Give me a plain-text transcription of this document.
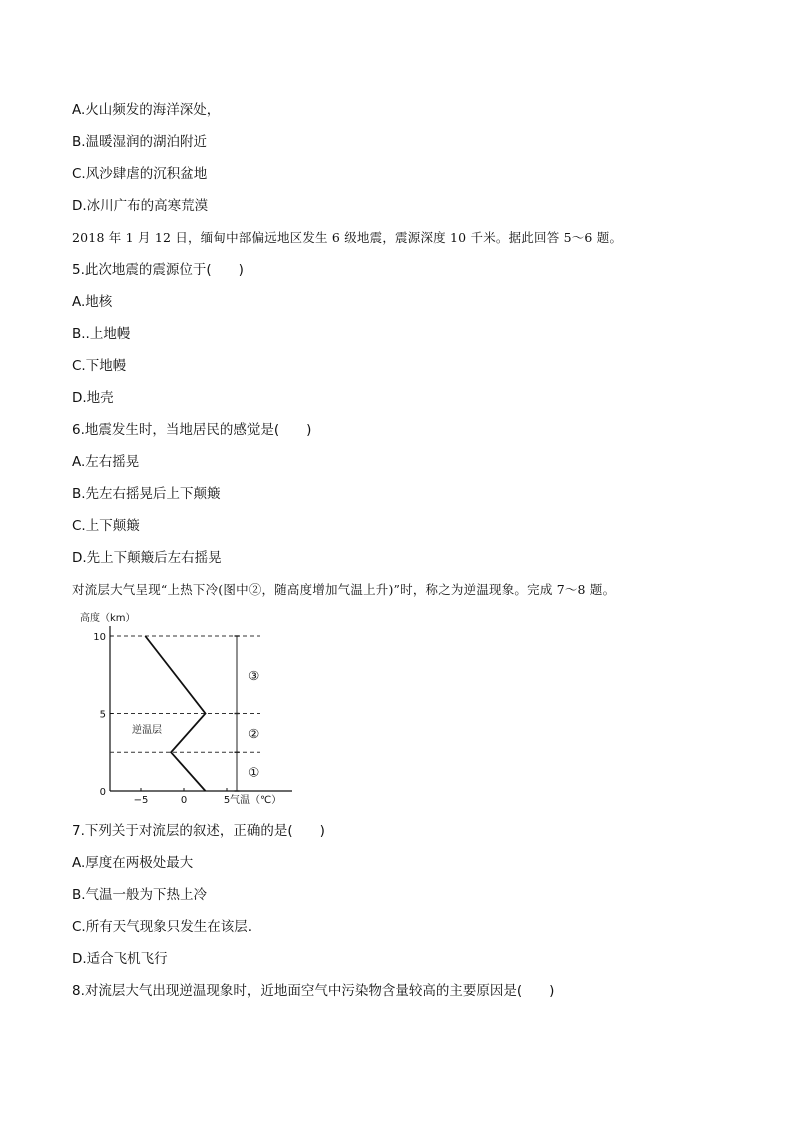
A.火山频发的海洋深处，
B.温暖湿润的湖泊附近
C.风沙肆虐的沉积盆地
D.冰川广布的高寒荒漠
2018 年 1 月 12 日，缅甸中部偏远地区发生 6 级地震，震源深度 10 千米。据此回答 5～6 题。
5.此次地震的震源位于(　　)
A.地核
B..上地幔
C.下地幔
D.地壳
6.地震发生时，当地居民的感觉是(　　)
A.左右摇晃
B.先左右摇晃后上下颠簸
C.上下颠簸
D.先上下颠簸后左右摇晃
对流层大气呈现“上热下冷(图中②，随高度增加气温上升)”时，称之为逆温现象。完成 7～8 题。
高度（km）
气温（℃）
逆温层
0
5
10
−5	0	5
①
②
③
7.下列关于对流层的叙述，正确的是(　　)
A.厚度在两极处最大
B.气温一般为下热上冷
C.所有天气现象只发生在该层.
D.适合飞机飞行
8.对流层大气出现逆温现象时，近地面空气中污染物含量较高的主要原因是(　　)
